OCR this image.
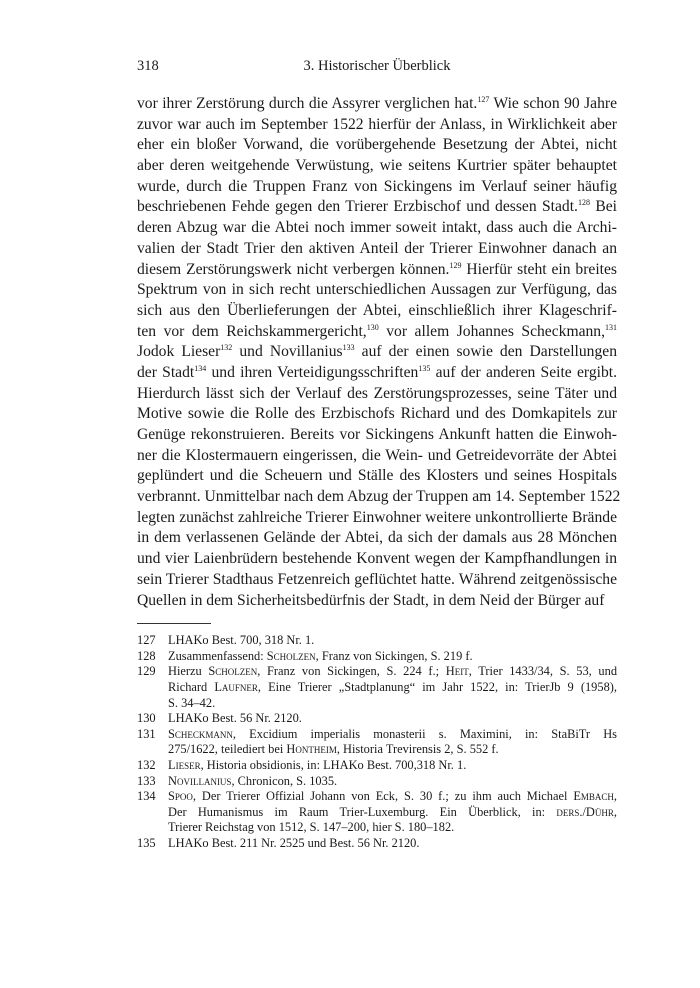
318	3. Historischer Überblick
vor ihrer Zerstörung durch die Assyrer verglichen hat.$^{127}$ Wie schon 90 Jahre
zuvor war auch im September 1522 hierfür der Anlass, in Wirklichkeit aber
eher ein bloßer Vorwand, die vorübergehende Besetzung der Abtei, nicht
aber deren weitgehende Verwüstung, wie seitens Kurtrier später behauptet
wurde, durch die Truppen Franz von Sickingens im Verlauf seiner häufig
beschriebenen Fehde gegen den Trierer Erzbischof und dessen Stadt.$^{128}$ Bei
deren Abzug war die Abtei noch immer soweit intakt, dass auch die Archi-
valien der Stadt Trier den aktiven Anteil der Trierer Einwohner danach an
diesem Zerstörungswerk nicht verbergen können.$^{129}$ Hierfür steht ein breites
Spektrum von in sich recht unterschiedlichen Aussagen zur Verfügung, das
sich aus den Überlieferungen der Abtei, einschließlich ihrer Klageschrif-
ten vor dem Reichskammergericht,$^{130}$ vor allem Johannes Scheckmann,$^{131}$
Jodok Lieser$^{132}$ und Novillanius$^{133}$ auf der einen sowie den Darstellungen
der Stadt$^{134}$ und ihren Verteidigungsschriften$^{135}$ auf der anderen Seite ergibt.
Hierdurch lässt sich der Verlauf des Zerstörungsprozesses, seine Täter und
Motive sowie die Rolle des Erzbischofs Richard und des Domkapitels zur
Genüge rekonstruieren. Bereits vor Sickingens Ankunft hatten die Einwoh-
ner die Klostermauern eingerissen, die Wein- und Getreidevorräte der Abtei
geplündert und die Scheuern und Ställe des Klosters und seines Hospitals
verbrannt. Unmittelbar nach dem Abzug der Truppen am 14. September 1522
legten zunächst zahlreiche Trierer Einwohner weitere unkontrollierte Brände
in dem verlassenen Gelände der Abtei, da sich der damals aus 28 Mönchen
und vier Laienbrüdern bestehende Konvent wegen der Kampfhandlungen in
sein Trierer Stadthaus Fetzenreich geflüchtet hatte. Während zeitgenössische
Quellen in dem Sicherheitsbedürfnis der Stadt, in dem Neid der Bürger auf
127 LHAKo Best. 700, 318 Nr. 1.
128 Zusammenfassend: Scholzen, Franz von Sickingen, S. 219 f.
129 Hierzu Scholzen, Franz von Sickingen, S. 224 f.; Heit, Trier 1433/34, S. 53, und
Richard Laufner, Eine Trierer „Stadtplanung“ im Jahr 1522, in: TrierJb 9 (1958),
S. 34–42.
130 LHAKo Best. 56 Nr. 2120.
131 Scheckmann, Excidium imperialis monasterii s. Maximini, in: StaBiTr Hs
275/1622, teilediert bei Hontheim, Historia Trevirensis 2, S. 552 f.
132 Lieser, Historia obsidionis, in: LHAKo Best. 700,318 Nr. 1.
133 Novillanius, Chronicon, S. 1035.
134 Spoo, Der Trierer Offizial Johann von Eck, S. 30 f.; zu ihm auch Michael Embach,
Der Humanismus im Raum Trier-Luxemburg. Ein Überblick, in: ders./Dühr,
Trierer Reichstag von 1512, S. 147–200, hier S. 180–182.
135 LHAKo Best. 211 Nr. 2525 und Best. 56 Nr. 2120.
